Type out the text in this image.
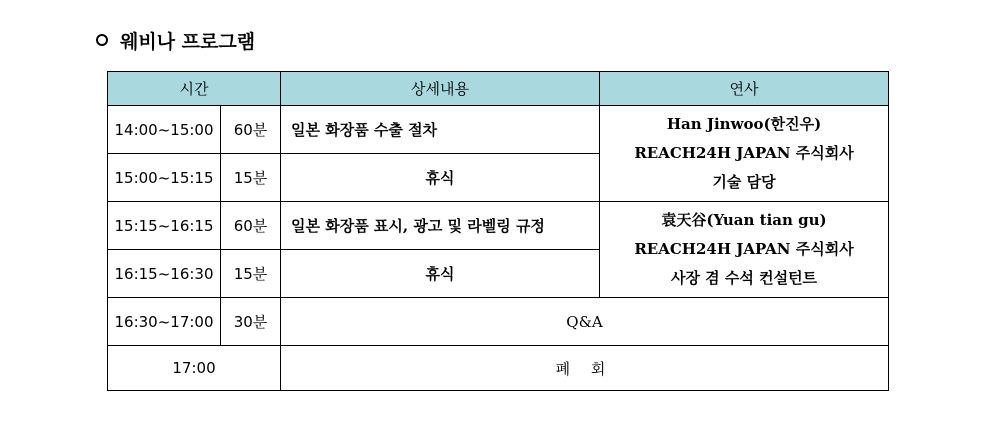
웨비나 프로그램
시간		상세내용	연사
14:00~15:00	60분	일본 화장품 수출 절차	Han Jinwoo(한진우)
REACH24H JAPAN 주식회사
기술 담당

15:00~15:15	15분	휴식	
15:15~16:15	60분	일본 화장품 표시, 광고 및 라벨링 규정	袁天谷(Yuan tian gu)
REACH24H JAPAN 주식회사
사장 겸 수석 컨설턴트

16:15~16:30	15분	휴식	
16:30~17:00	30분	Q&A	
17:00		폐 회	
